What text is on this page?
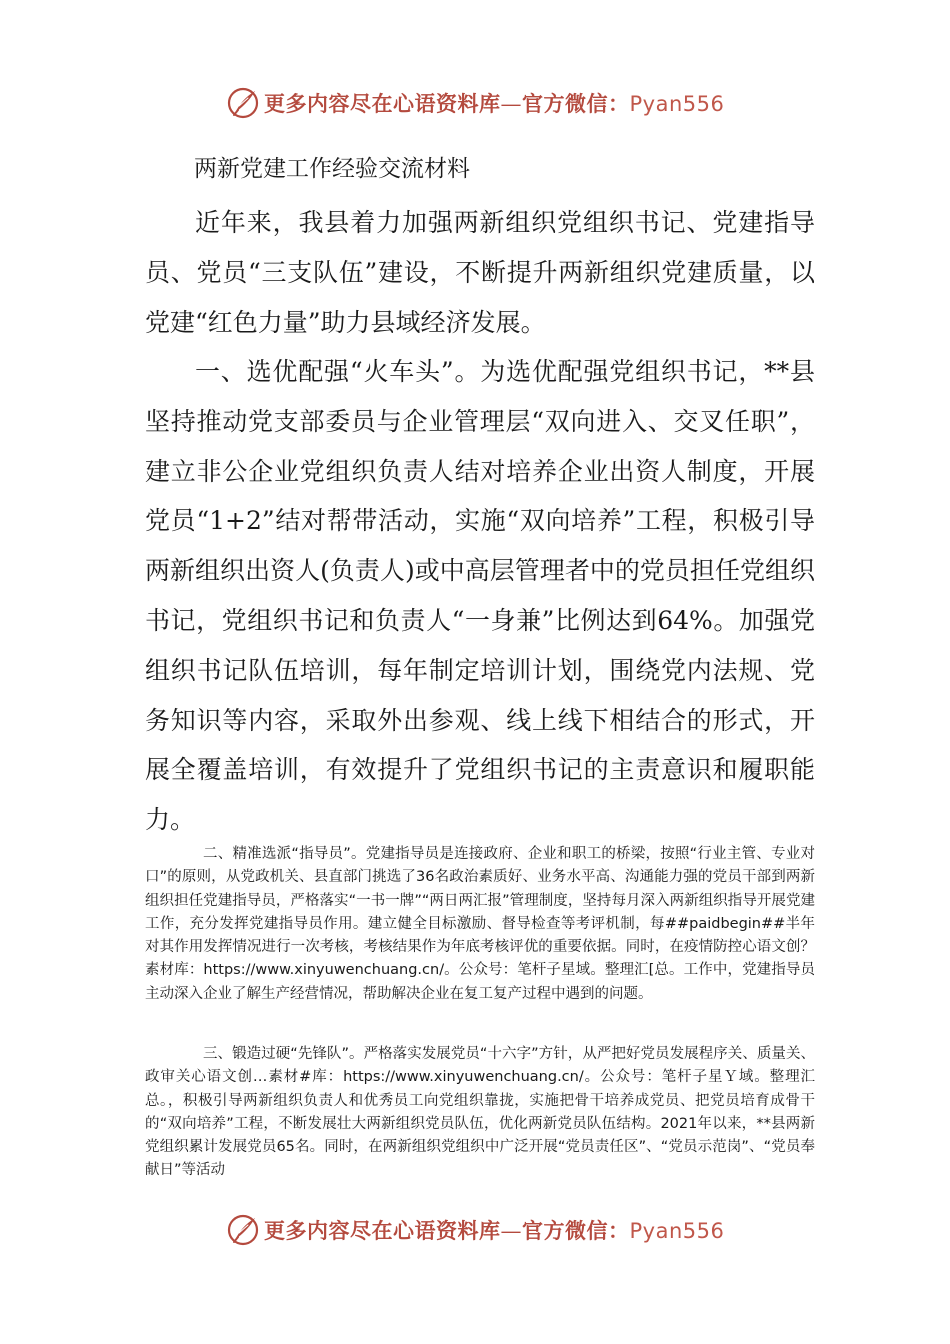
更多内容尽在心语资料库—官方微信：Pyan556
两新党建工作经验交流材料

近年来，我县着力加强两新组织党组织书记、党建指导员、党员“三支队伍”建设，不断提升两新组织党建质量，以党建“红色力量”助力县域经济发展。

一、选优配强“火车头”。为选优配强党组织书记，**县坚持推动党支部委员与企业管理层“双向进入、交叉任职”，建立非公企业党组织负责人结对培养企业出资人制度，开展党员“1+2”结对帮带活动，实施“双向培养”工程，积极引导两新组织出资人(负责人)或中高层管理者中的党员担任党组织书记，党组织书记和负责人“一身兼”比例达到64%。加强党组织书记队伍培训，每年制定培训计划，围绕党内法规、党务知识等内容，采取外出参观、线上线下相结合的形式，开展全覆盖培训，有效提升了党组织书记的主责意识和履职能力。

二、精准选派“指导员”。党建指导员是连接政府、企业和职工的桥梁，按照“行业主管、专业对口”的原则，从党政机关、县直部门挑选了36名政治素质好、业务水平高、沟通能力强的党员干部到两新组织担任党建指导员，严格落实“一书一牌”“两日两汇报”管理制度，坚持每月深入两新组织指导开展党建工作，充分发挥党建指导员作用。建立健全目标激励、督导检查等考评机制，每##paidbegin##半年对其作用发挥情况进行一次考核，考核结果作为年底考核评优的重要依据。同时，在疫情防控心语文创？素材库：https://www.xinyuwenchuang.cn/。公众号：笔杆子星域。整理汇[总。工作中，党建指导员主动深入企业了解生产经营情况，帮助解决企业在复工复产过程中遇到的问题。

三、锻造过硬“先锋队”。严格落实发展党员“十六字”方针，从严把好党员发展程序关、质量关、政审关心语文创…素材#库：https://www.xinyuwenchuang.cn/。公众号：笔杆子星Ｙ域。整理汇总。，积极引导两新组织负责人和优秀员工向党组织靠拢，实施把骨干培养成党员、把党员培育成骨干的“双向培养”工程，不断发展壮大两新组织党员队伍，优化两新党员队伍结构。2021年以来，**县两新党组织累计发展党员65名。同时，在两新组织党组织中广泛开展“党员责任区”、“党员示范岗”、“党员奉献日”等活动

更多内容尽在心语资料库—官方微信：Pyan556
